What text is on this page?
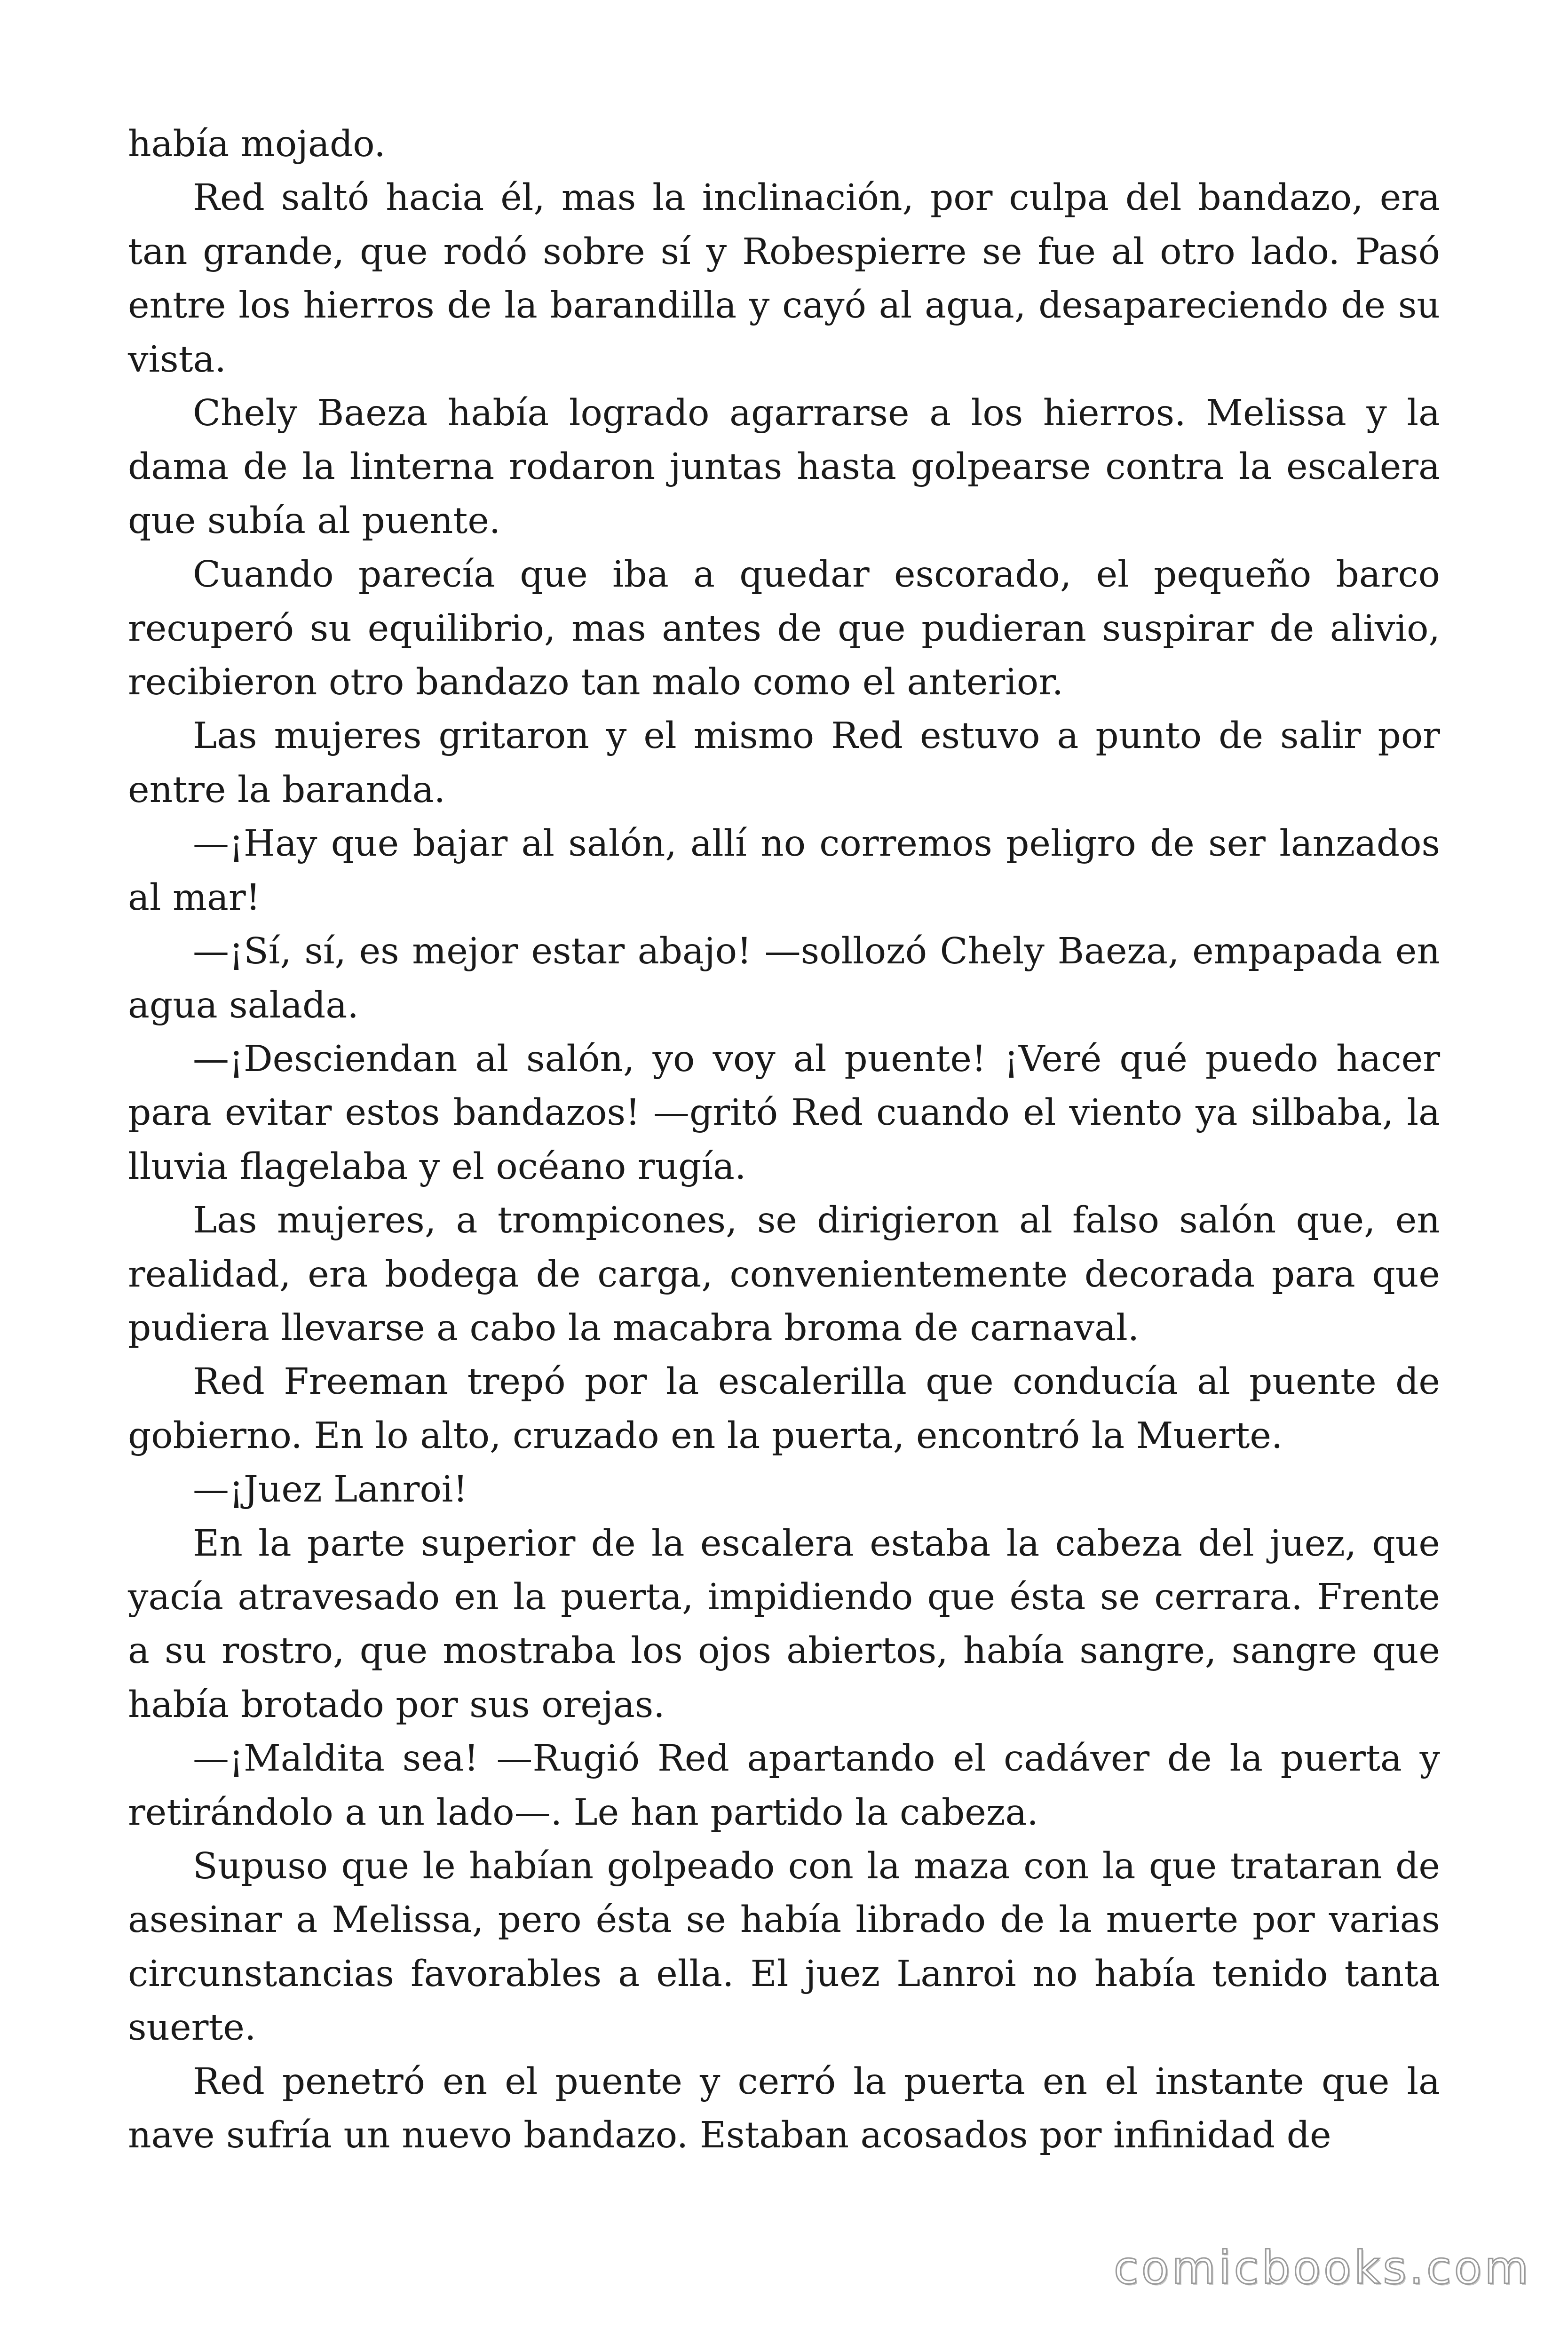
había mojado.

Red saltó hacia él, mas la inclinación, por culpa del bandazo, era tan grande, que rodó sobre sí y Robespierre se fue al otro lado. Pasó entre los hierros de la barandilla y cayó al agua, desapareciendo de su vista.

Chely Baeza había logrado agarrarse a los hierros. Melissa y la dama de la linterna rodaron juntas hasta golpearse contra la escalera que subía al puente.

Cuando parecía que iba a quedar escorado, el pequeño barco recuperó su equilibrio, mas antes de que pudieran suspirar de alivio, recibieron otro bandazo tan malo como el anterior.

Las mujeres gritaron y el mismo Red estuvo a punto de salir por entre la baranda.

—¡Hay que bajar al salón, allí no corremos peligro de ser lanzados al mar!

—¡Sí, sí, es mejor estar abajo! —sollozó Chely Baeza, empapada en agua salada.

—¡Desciendan al salón, yo voy al puente! ¡Veré qué puedo hacer para evitar estos bandazos! —gritó Red cuando el viento ya silbaba, la lluvia flagelaba y el océano rugía.

Las mujeres, a trompicones, se dirigieron al falso salón que, en realidad, era bodega de carga, convenientemente decorada para que pudiera llevarse a cabo la macabra broma de carnaval.

Red Freeman trepó por la escalerilla que conducía al puente de gobierno. En lo alto, cruzado en la puerta, encontró la Muerte.

—¡Juez Lanroi!

En la parte superior de la escalera estaba la cabeza del juez, que yacía atravesado en la puerta, impidiendo que ésta se cerrara. Frente a su rostro, que mostraba los ojos abiertos, había sangre, sangre que había brotado por sus orejas.

—¡Maldita sea! —Rugió Red apartando el cadáver de la puerta y retirándolo a un lado—. Le han partido la cabeza.

Supuso que le habían golpeado con la maza con la que trataran de asesinar a Melissa, pero ésta se había librado de la muerte por varias circunstancias favorables a ella. El juez Lanroi no había tenido tanta suerte.

Red penetró en el puente y cerró la puerta en el instante que la nave sufría un nuevo bandazo. Estaban acosados por infinidad de

comicbooks.com
